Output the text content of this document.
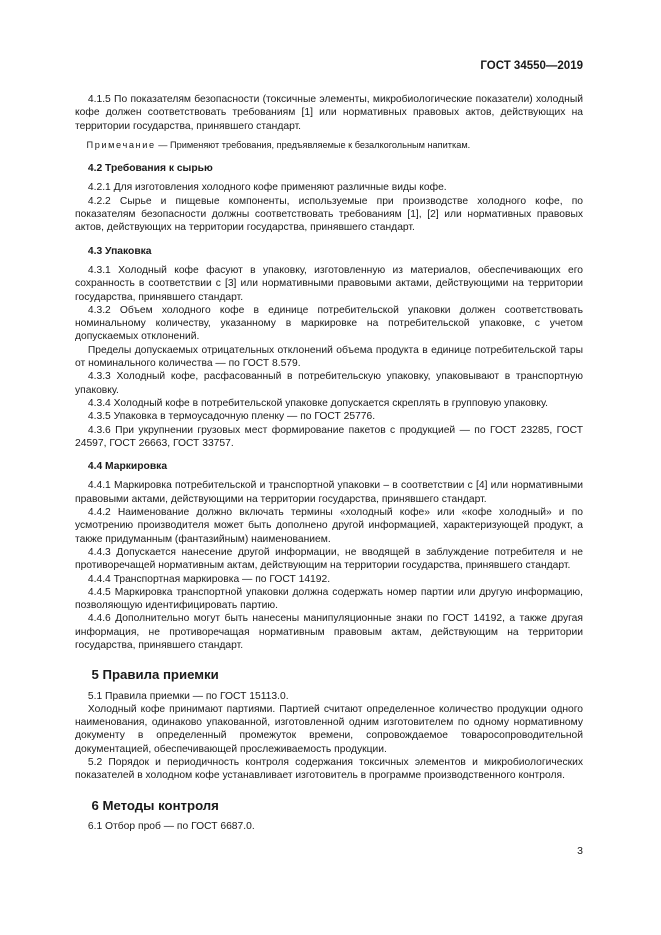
ГОСТ 34550—2019

4.1.5 По показателям безопасности (токсичные элементы, микробиологические показатели) холодный кофе должен соответствовать требованиям [1] или нормативных правовых актов, действующих на территории государства, принявшего стандарт.

Примечание — Применяют требования, предъявляемые к безалкогольным напиткам.

4.2 Требования к сырью

4.2.1 Для изготовления холодного кофе применяют различные виды кофе.

4.2.2 Сырье и пищевые компоненты, используемые при производстве холодного кофе, по показателям безопасности должны соответствовать требованиям [1], [2] или нормативных правовых актов, действующих на территории государства, принявшего стандарт.

4.3 Упаковка

4.3.1 Холодный кофе фасуют в упаковку, изготовленную из материалов, обеспечивающих его сохранность в соответствии с [3] или нормативными правовыми актами, действующими на территории государства, принявшего стандарт.

4.3.2 Объем холодного кофе в единице потребительской упаковки должен соответствовать номинальному количеству, указанному в маркировке на потребительской упаковке, с учетом допускаемых отклонений.

Пределы допускаемых отрицательных отклонений объема продукта в единице потребительской тары от номинального количества — по ГОСТ 8.579.

4.3.3 Холодный кофе, расфасованный в потребительскую упаковку, упаковывают в транспортную упаковку.

4.3.4 Холодный кофе в потребительской упаковке допускается скреплять в групповую упаковку.

4.3.5 Упаковка в термоусадочную пленку — по ГОСТ 25776.

4.3.6 При укрупнении грузовых мест формирование пакетов с продукцией — по ГОСТ 23285, ГОСТ 24597, ГОСТ 26663, ГОСТ 33757.

4.4 Маркировка

4.4.1 Маркировка потребительской и транспортной упаковки – в соответствии с [4] или нормативными правовыми актами, действующими на территории государства, принявшего стандарт.

4.4.2 Наименование должно включать термины «холодный кофе» или «кофе холодный» и по усмотрению производителя может быть дополнено другой информацией, характеризующей продукт, а также придуманным (фантазийным) наименованием.

4.4.3 Допускается нанесение другой информации, не вводящей в заблуждение потребителя и не противоречащей нормативным актам, действующим на территории государства, принявшего стандарт.

4.4.4 Транспортная маркировка — по ГОСТ 14192.

4.4.5 Маркировка транспортной упаковки должна содержать номер партии или другую информацию, позволяющую идентифицировать партию.

4.4.6 Дополнительно могут быть нанесены манипуляционные знаки по ГОСТ 14192, а также другая информация, не противоречащая нормативным правовым актам, действующим на территории государства, принявшего стандарт.

5 Правила приемки

5.1 Правила приемки — по ГОСТ 15113.0.

Холодный кофе принимают партиями. Партией считают определенное количество продукции одного наименования, одинаково упакованной, изготовленной одним изготовителем по одному нормативному документу в определенный промежуток времени, сопровождаемое товаросопроводительной документацией, обеспечивающей прослеживаемость продукции.

5.2 Порядок и периодичность контроля содержания токсичных элементов и микробиологических показателей в холодном кофе устанавливает изготовитель в программе производственного контроля.

6 Методы контроля

6.1 Отбор проб — по ГОСТ 6687.0.

3
